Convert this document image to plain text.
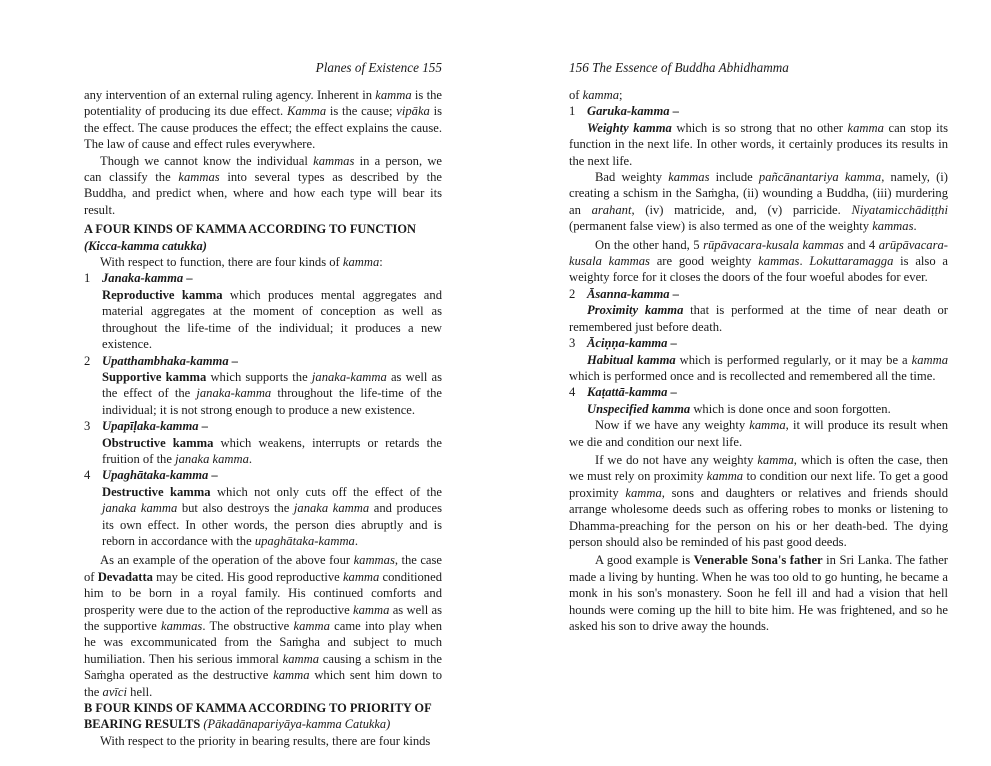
Planes of Existence 155

any intervention of an external ruling agency. Inherent in kamma is the potentiality of producing its due effect. Kamma is the cause; vipāka is the effect. The cause produces the effect; the effect explains the cause. The law of cause and effect rules everywhere.

Though we cannot know the individual kammas in a person, we can classify the kammas into several types as described by the Buddha, and predict when, where and how each type will bear its result.

A FOUR KINDS OF KAMMA ACCORDING TO FUNCTION
(Kicca-kamma catukka)

With respect to function, there are four kinds of kamma:

1 Janaka-kamma –

Reproductive kamma which produces mental aggregates and material aggregates at the moment of conception as well as throughout the life-time of the individual; it produces a new existence.

2 Upatthambhaka-kamma –

Supportive kamma which supports the janaka-kamma as well as the effect of the janaka-kamma throughout the life-time of the individual; it is not strong enough to produce a new existence.

3 Upapīḷaka-kamma –

Obstructive kamma which weakens, interrupts or retards the fruition of the janaka kamma.

4 Upaghātaka-kamma –

Destructive kamma which not only cuts off the effect of the janaka kamma but also destroys the janaka kamma and produces its own effect. In other words, the person dies abruptly and is reborn in accordance with the upaghātaka-kamma.

As an example of the operation of the above four kammas, the case of Devadatta may be cited. His good reproductive kamma conditioned him to be born in a royal family. His continued comforts and prosperity were due to the action of the reproductive kamma as well as the supportive kammas. The obstructive kamma came into play when he was excommunicated from the Saṁgha and subject to much humiliation. Then his serious immoral kamma causing a schism in the Saṁgha operated as the destructive kamma which sent him down to the avīci hell.

B FOUR KINDS OF KAMMA ACCORDING TO PRIORITY OF BEARING RESULTS (Pākadānapariyāya-kamma Catukka)

With respect to the priority in bearing results, there are four kinds

156 The Essence of Buddha Abhidhamma

of kamma;

1 Garuka-kamma –

Weighty kamma which is so strong that no other kamma can stop its function in the next life. In other words, it certainly produces its results in the next life.

Bad weighty kammas include pañcānantariya kamma, namely, (i) creating a schism in the Saṁgha, (ii) wounding a Buddha, (iii) murdering an arahant, (iv) matricide, and, (v) parricide. Niyatamicchādiṭṭhi (permanent false view) is also termed as one of the weighty kammas.

On the other hand, 5 rūpāvacara-kusala kammas and 4 arūpāvacara-kusala kammas are good weighty kammas. Lokuttaramagga is also a weighty force for it closes the doors of the four woeful abodes for ever.

2 Āsanna-kamma –

Proximity kamma that is performed at the time of near death or remembered just before death.

3 Āciṇṇa-kamma –

Habitual kamma which is performed regularly, or it may be a kamma which is performed once and is recollected and remembered all the time.

4 Kaṭattā-kamma –

Unspecified kamma which is done once and soon forgotten.

Now if we have any weighty kamma, it will produce its result when we die and condition our next life.

If we do not have any weighty kamma, which is often the case, then we must rely on proximity kamma to condition our next life. To get a good proximity kamma, sons and daughters or relatives and friends should arrange wholesome deeds such as offering robes to monks or listening to Dhamma-preaching for the person on his or her death-bed. The dying person should also be reminded of his past good deeds.

A good example is Venerable Sona's father in Sri Lanka. The father made a living by hunting. When he was too old to go hunting, he became a monk in his son's monastery. Soon he fell ill and had a vision that hell hounds were coming up the hill to bite him. He was frightened, and so he asked his son to drive away the hounds.
